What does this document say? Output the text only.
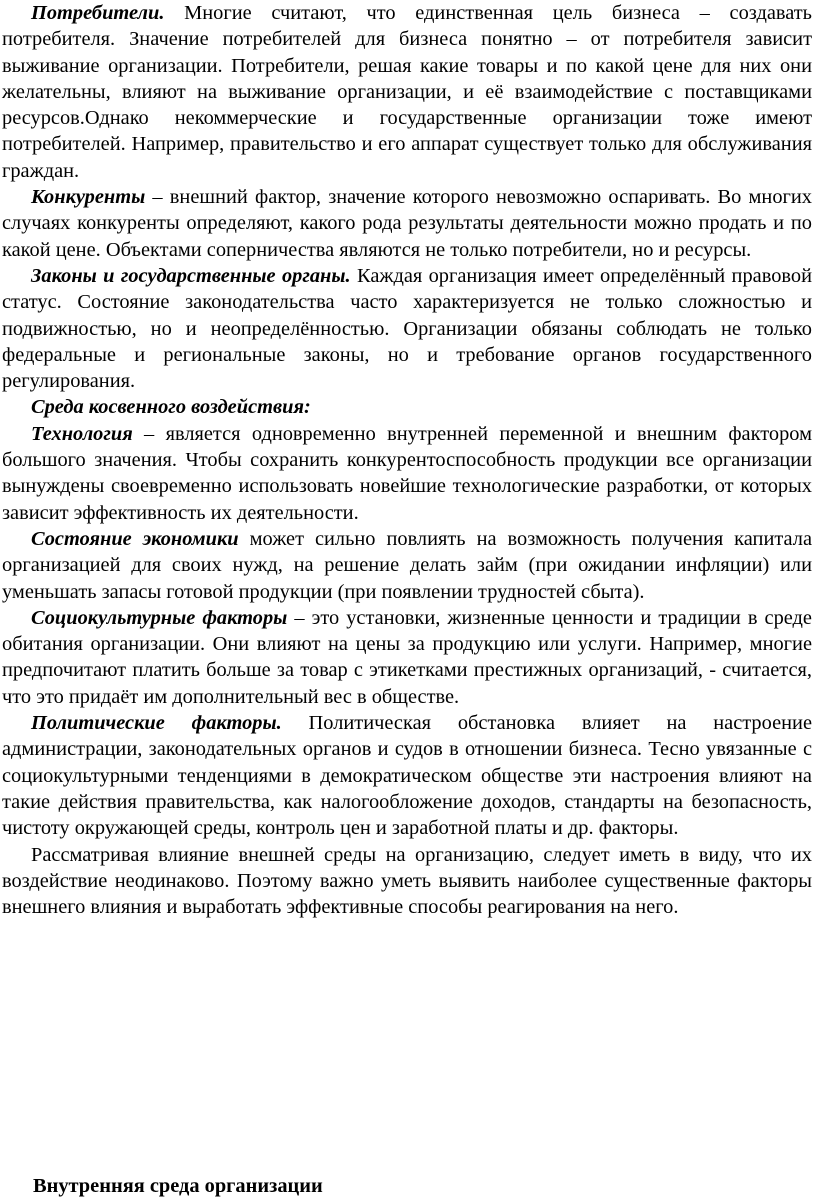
Потребители. Многие считают, что единственная цель бизнеса – создавать потребителя. Значение потребителей для бизнеса понятно – от потребителя зависит выживание организации. Потребители, решая какие товары и по какой цене для них они желательны, влияют на выживание организации, и её взаимодействие с поставщиками ресурсов.Однако некоммерческие и государственные организации тоже имеют потребителей. Например, правительство и его аппарат существует только для обслуживания граждан.

Конкуренты – внешний фактор, значение которого невозможно оспаривать. Во многих случаях конкуренты определяют, какого рода результаты деятельности можно продать и по какой цене. Объектами соперничества являются не только потребители, но и ресурсы.

Законы и государственные органы. Каждая организация имеет определённый правовой статус. Состояние законодательства часто характеризуется не только сложностью и подвижностью, но и неопределённостью. Организации обязаны соблюдать не только федеральные и региональные законы, но и требование органов государственного регулирования.

Среда косвенного воздействия:

Технология – является одновременно внутренней переменной и внешним фактором большого значения. Чтобы сохранить конкурентоспособность продукции все организации вынуждены своевременно использовать новейшие технологические разработки, от которых зависит эффективность их деятельности.

Состояние экономики может сильно повлиять на возможность получения капитала организацией для своих нужд, на решение делать займ (при ожидании инфляции) или уменьшать запасы готовой продукции (при появлении трудностей сбыта).

Социокультурные факторы – это установки, жизненные ценности и традиции в среде обитания организации. Они влияют на цены за продукцию или услуги. Например, многие предпочитают платить больше за товар с этикетками престижных организаций, - считается, что это придаёт им дополнительный вес в обществе.

Политические факторы. Политическая обстановка влияет на настроение администрации, законодательных органов и судов в отношении бизнеса. Тесно увязанные с социокультурными тенденциями в демократическом обществе эти настроения влияют на такие действия правительства, как налогообложение доходов, стандарты на безопасность, чистоту окружающей среды, контроль цен и заработной платы и др. факторы.

Рассматривая влияние внешней среды на организацию, следует иметь в виду, что их воздействие неодинаково. Поэтому важно уметь выявить наиболее существенные факторы внешнего влияния и выработать эффективные способы реагирования на него.

Внутренняя среда организации
